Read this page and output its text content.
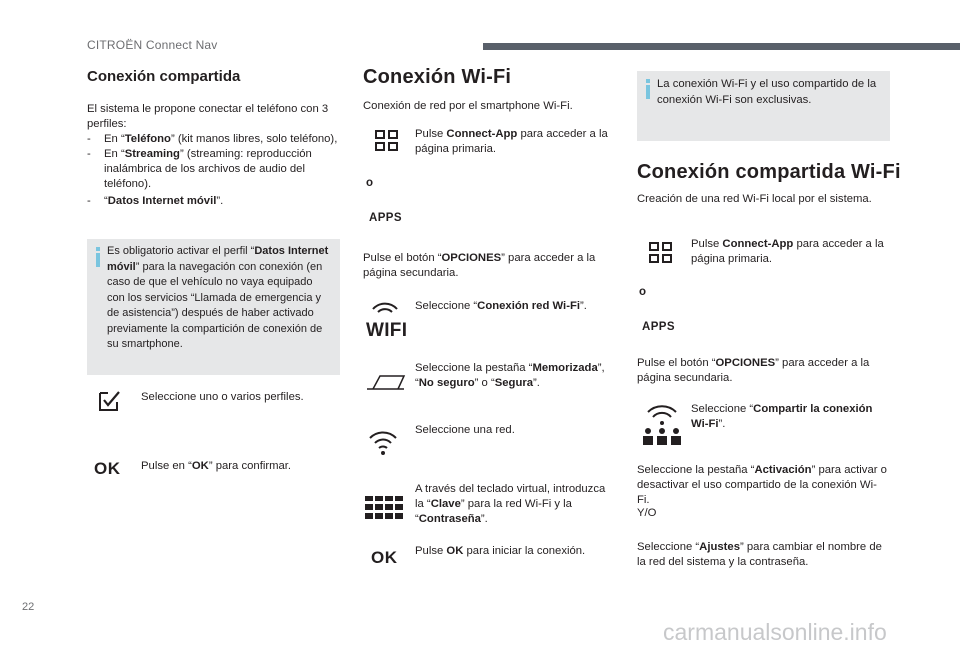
CITROËN Connect Nav
Conexión compartida
El sistema le propone conectar el teléfono con 3 perfiles:
- En “Teléfono” (kit manos libres, solo teléfono),
- En “Streaming” (streaming: reproducción inalámbrica de los archivos de audio del teléfono).
- “Datos Internet móvil”.
Es obligatorio activar el perfil “Datos Internet móvil” para la navegación con conexión (en caso de que el vehículo no vaya equipado con los servicios “Llamada de emergencia y de asistencia”) después de haber activado previamente la compartición de conexión de su smartphone.
Seleccione uno o varios perfiles.
OK Pulse en “OK” para confirmar.
Conexión Wi-Fi
Conexión de red por el smartphone Wi-Fi.
Pulse Connect-App para acceder a la página primaria.
o
APPS
Pulse el botón “OPCIONES” para acceder a la página secundaria.
WIFI
Seleccione “Conexión red Wi-Fi”.
Seleccione la pestaña “Memorizada”, “No seguro” o “Segura”.
Seleccione una red.
A través del teclado virtual, introduzca la “Clave” para la red Wi-Fi y la “Contraseña”.
OK Pulse OK para iniciar la conexión.
La conexión Wi-Fi y el uso compartido de la conexión Wi-Fi son exclusivas.
Conexión compartida Wi-Fi
Creación de una red Wi-Fi local por el sistema.
Pulse Connect-App para acceder a la página primaria.
o
APPS
Pulse el botón “OPCIONES” para acceder a la página secundaria.
Seleccione “Compartir la conexión Wi-Fi”.
Seleccione la pestaña “Activación” para activar o desactivar el uso compartido de la conexión Wi-Fi.
Y/O
Seleccione “Ajustes” para cambiar el nombre de la red del sistema y la contraseña.
22
carmanualsonline.info
